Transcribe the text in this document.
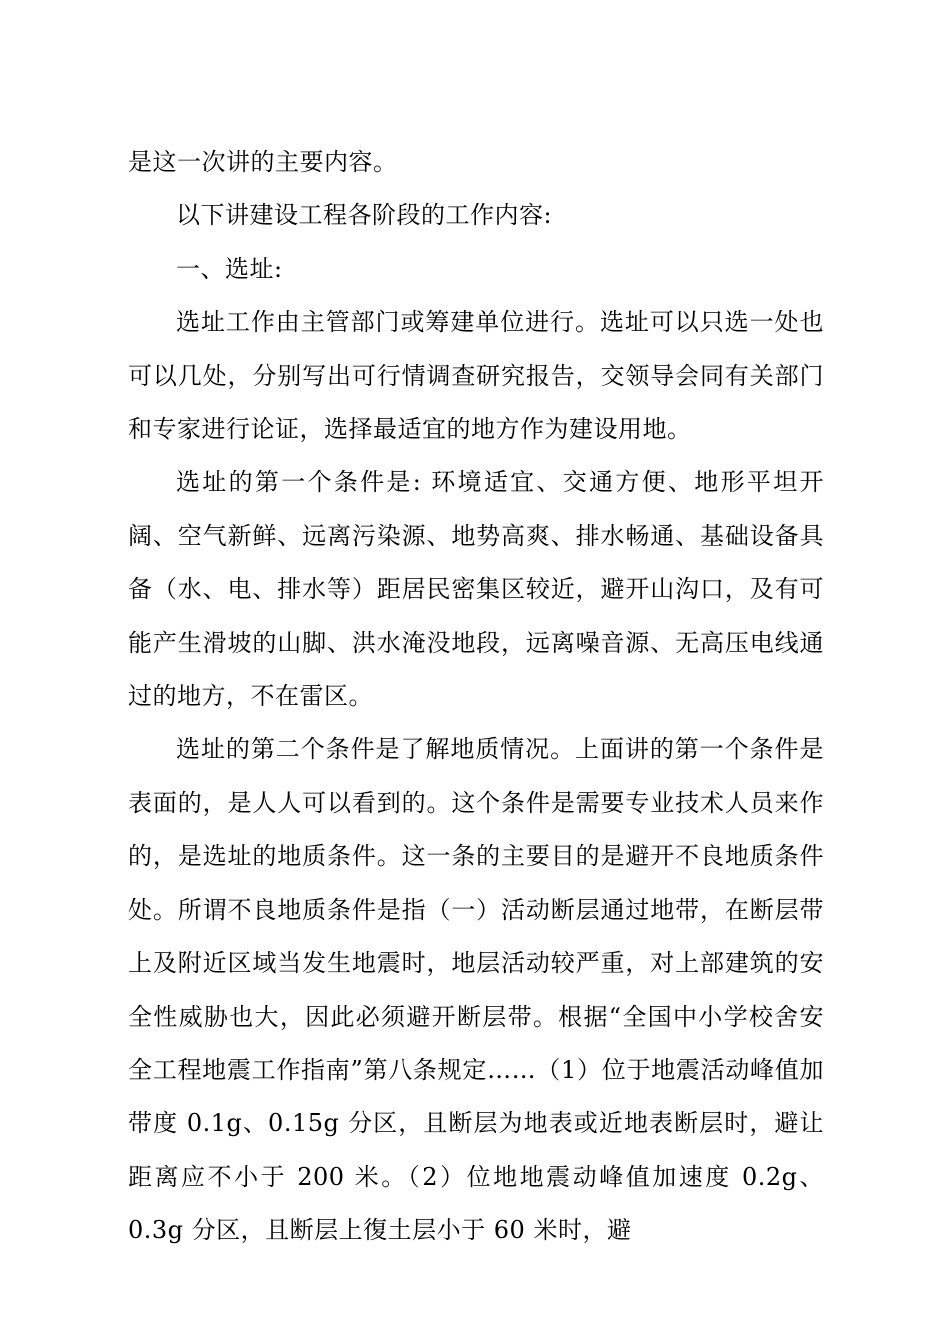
是这一次讲的主要内容。

以下讲建设工程各阶段的工作内容:

一、选址:

选址工作由主管部门或筹建单位进行。选址可以只选一处也可以几处，分别写出可行情调查研究报告，交领导会同有关部门和专家进行论证，选择最适宜的地方作为建设用地。

选址的第一个条件是: 环境适宜、交通方便、地形平坦开阔、空气新鲜、远离污染源、地势高爽、排水畅通、基础设备具备（水、电、排水等）距居民密集区较近，避开山沟口，及有可能产生滑坡的山脚、洪水淹没地段，远离噪音源、无高压电线通过的地方，不在雷区。

选址的第二个条件是了解地质情况。上面讲的第一个条件是表面的，是人人可以看到的。这个条件是需要专业技术人员来作的，是选址的地质条件。这一条的主要目的是避开不良地质条件处。所谓不良地质条件是指（一）活动断层通过地带，在断层带上及附近区域当发生地震时，地层活动较严重，对上部建筑的安全性威胁也大，因此必须避开断层带。根据“全国中小学校舍安全工程地震工作指南”第八条规定……（1）位于地震活动峰值加带度 0.1g、0.15g 分区，且断层为地表或近地表断层时，避让距离应不小于 200 米。（2）位地地震动峰值加速度 0.2g、0.3g 分区，且断层上復土层小于 60 米时，避
